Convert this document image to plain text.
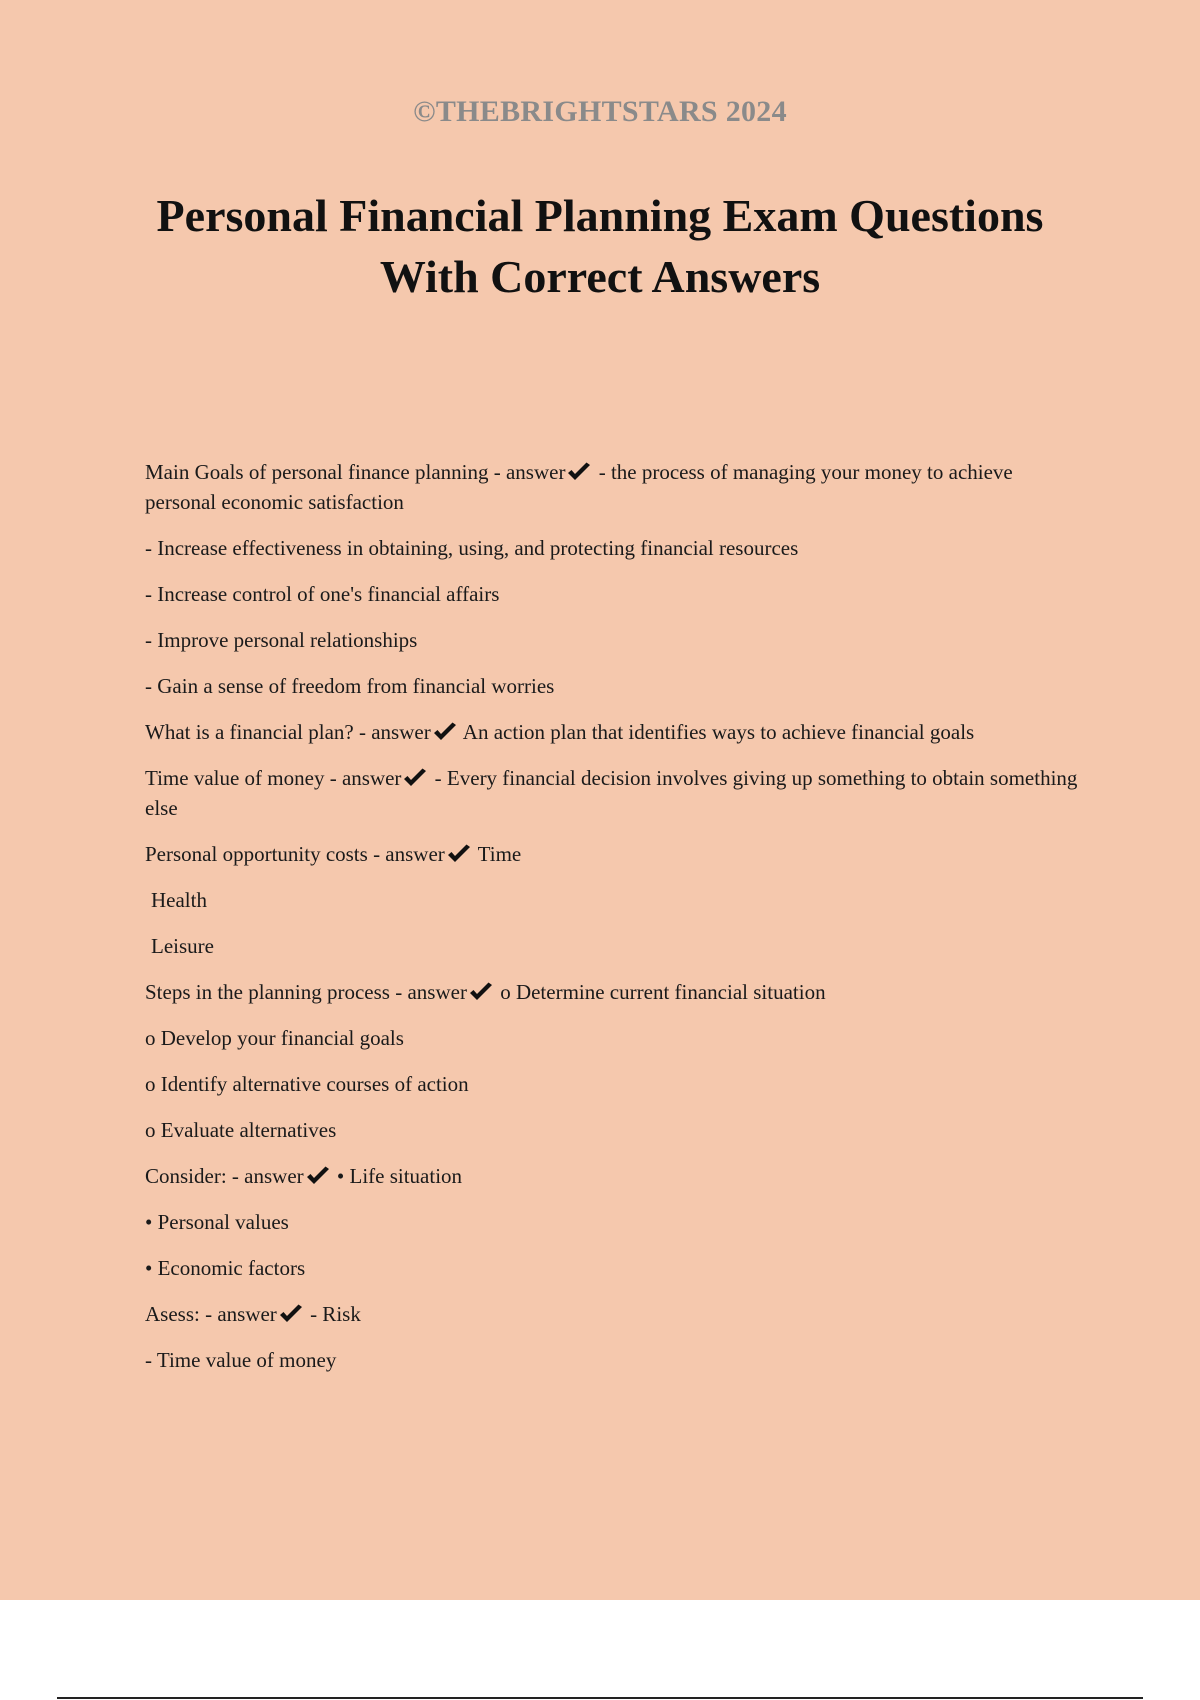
©THEBRIGHTSTARS 2024
Personal Financial Planning Exam Questions
With Correct Answers

Main Goals of personal finance planning - answer - the process of managing your money to achieve personal economic satisfaction

- Increase effectiveness in obtaining, using, and protecting financial resources

- Increase control of one's financial affairs

- Improve personal relationships

- Gain a sense of freedom from financial worries

What is a financial plan? - answer An action plan that identifies ways to achieve financial goals

Time value of money - answer - Every financial decision involves giving up something to obtain something else

Personal opportunity costs - answer Time

Health

Leisure

Steps in the planning process - answer o Determine current financial situation

o Develop your financial goals

o Identify alternative courses of action

o Evaluate alternatives

Consider: - answer • Life situation

• Personal values

• Economic factors

Asess: - answer - Risk

- Time value of money
